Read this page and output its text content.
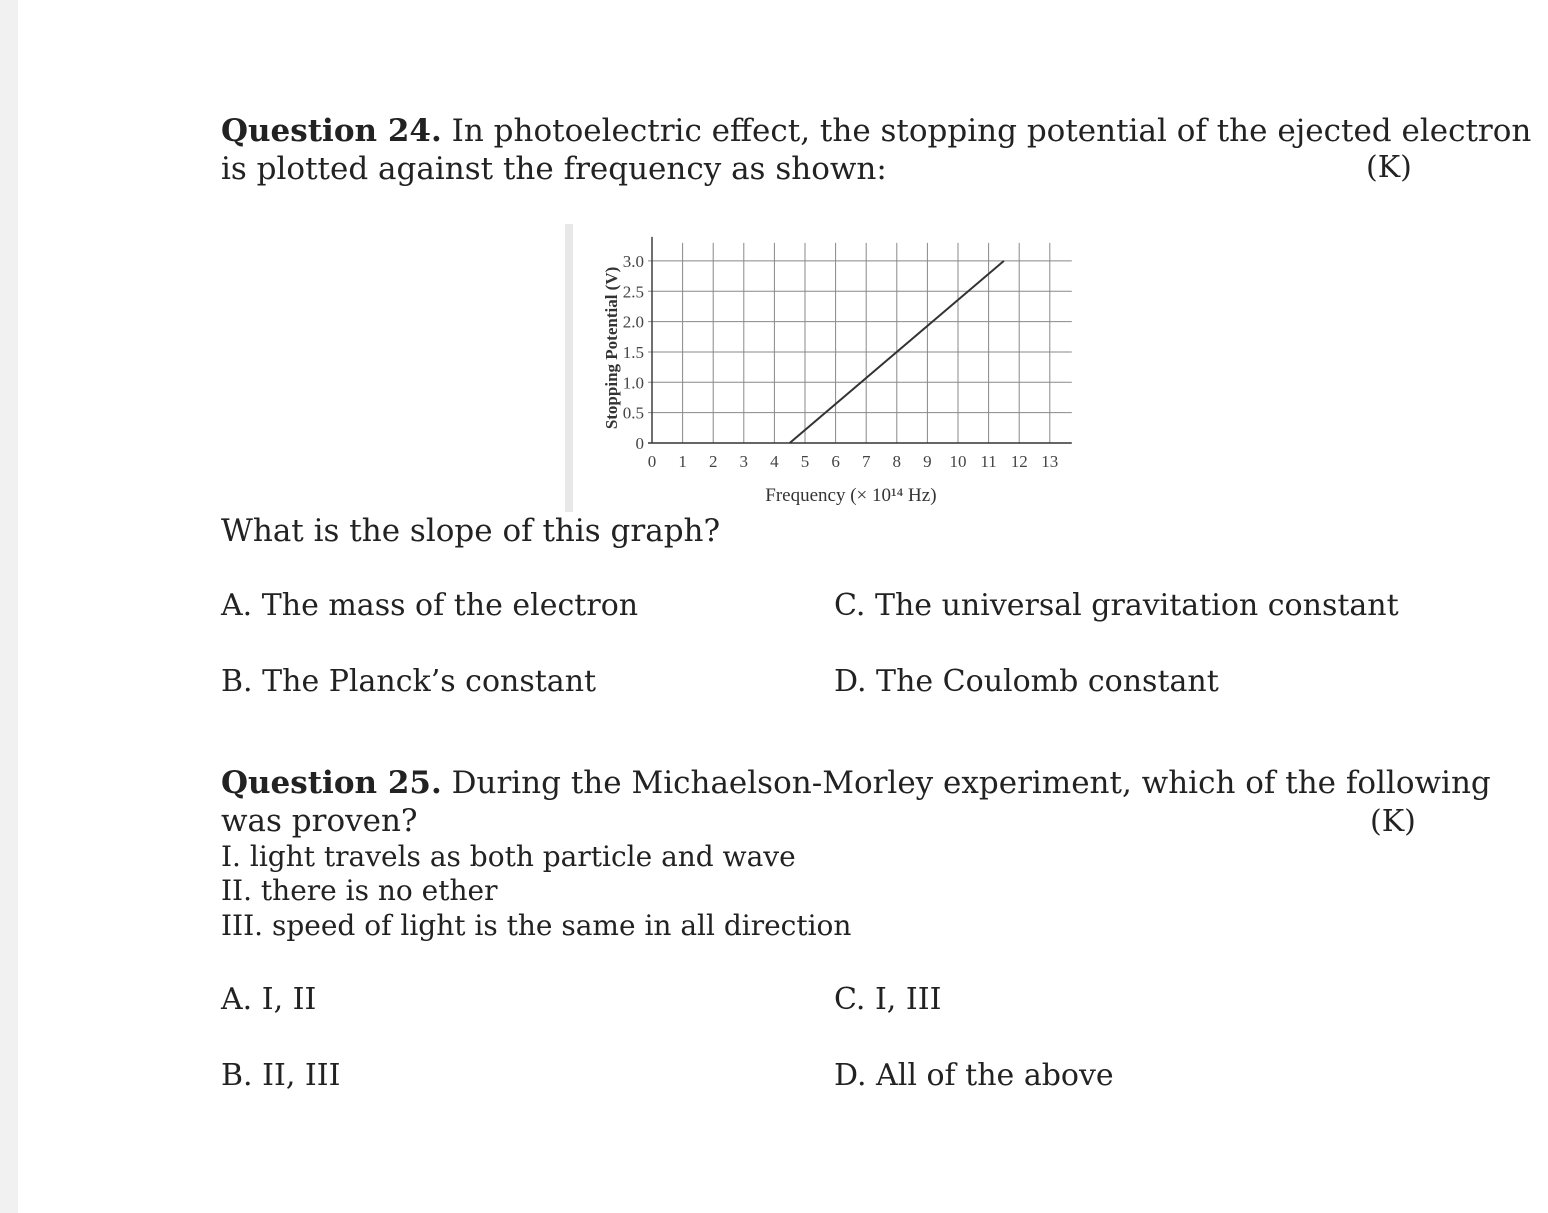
Question 24. In photoelectric effect, the stopping potential of the ejected electron
is plotted against the frequency as shown:	(K)
0 1 2 3 4 5 6 7 8 9 10 11 12 13
0
0.5
1.0
1.5
2.0
2.5
3.0
Frequency (× 10¹⁴ Hz)
Stopping Potential (V)
What is the slope of this graph?
A. The mass of the electron	C. The universal gravitation constant
B. The Planck’s constant	D. The Coulomb constant
Question 25. During the Michaelson-Morley experiment, which of the following
was proven?	(K)
I. light travels as both particle and wave
II. there is no ether
III. speed of light is the same in all direction
A. I, II	C. I, III
B. II, III	D. All of the above
